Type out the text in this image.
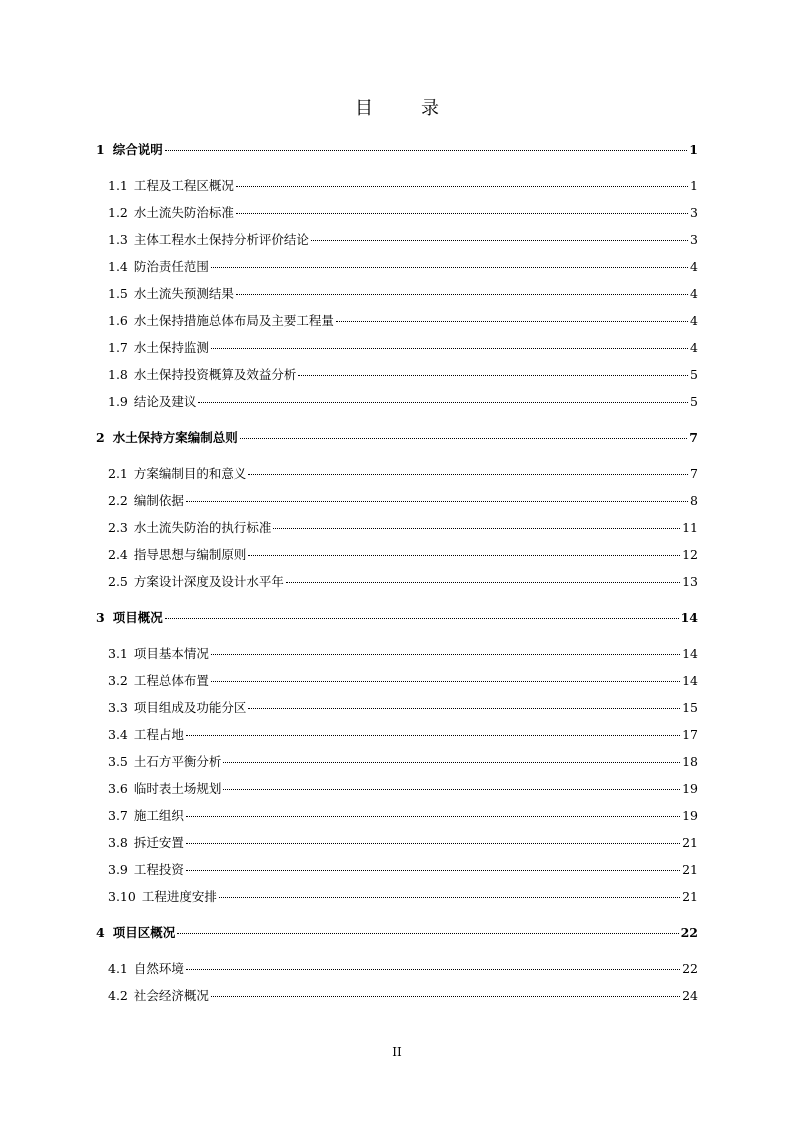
目	录
1 综合说明	1
1.1 工程及工程区概况	1
1.2 水土流失防治标准	3
1.3 主体工程水土保持分析评价结论	3
1.4 防治责任范围	4
1.5 水土流失预测结果	4
1.6 水土保持措施总体布局及主要工程量	4
1.7 水土保持监测	4
1.8 水土保持投资概算及效益分析	5
1.9 结论及建议	5
2 水土保持方案编制总则	7
2.1 方案编制目的和意义	7
2.2 编制依据	8
2.3 水土流失防治的执行标准	11
2.4 指导思想与编制原则	12
2.5 方案设计深度及设计水平年	13
3 项目概况	14
3.1 项目基本情况	14
3.2 工程总体布置	14
3.3 项目组成及功能分区	15
3.4 工程占地	17
3.5 土石方平衡分析	18
3.6 临时表土场规划	19
3.7 施工组织	19
3.8 拆迁安置	21
3.9 工程投资	21
3.10 工程进度安排	21
4 项目区概况	22
4.1 自然环境	22
4.2 社会经济概况	24
II
